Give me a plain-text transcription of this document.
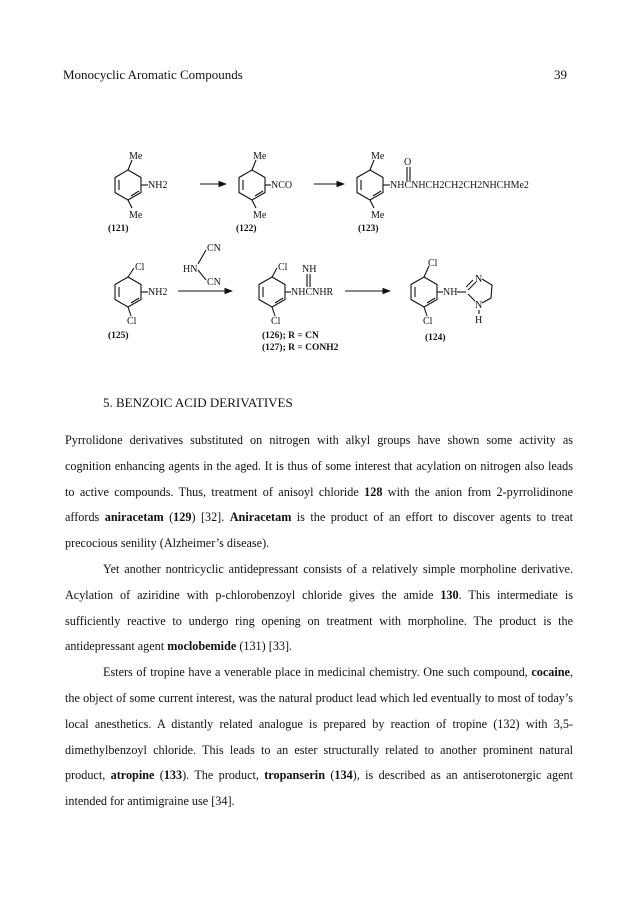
Monocyclic Aromatic Compounds	39
Me
Me
NH2
(121)
Me
Me
NCO
(122)
Me
Me
O
NHCNHCH2CH2CH2NHCHMe2
(123)
Cl
Cl
NH2
(125)
CN
HN
CN
Cl
Cl
NH
NHCNHR
(126); R = CN
(127); R = CONH2
Cl
Cl
NH
N
N
H
(124)
5. BENZOIC ACID DERIVATIVES

Pyrrolidone derivatives substituted on nitrogen with alkyl groups have shown some activity as cognition enhancing agents in the aged. It is thus of some interest that acylation on nitrogen also leads to active compounds. Thus, treatment of anisoyl chloride 128 with the anion from 2-pyrrolidinone affords aniracetam (129) [32]. Aniracetam is the product of an effort to discover agents to treat precocious senility (Alzheimer’s disease).

Yet another nontricyclic antidepressant consists of a relatively simple morpholine derivative. Acylation of aziridine with p-chlorobenzoyl chloride gives the amide 130. This intermediate is sufficiently reactive to undergo ring opening on treatment with morpholine. The product is the antidepressant agent moclobemide (131) [33].

Esters of tropine have a venerable place in medicinal chemistry. One such compound, cocaine, the object of some current interest, was the natural product lead which led eventually to most of today’s local anesthetics. A distantly related analogue is prepared by reaction of tropine (132) with 3,5-dimethylbenzoyl chloride. This leads to an ester structurally related to another prominent natural product, atropine (133). The product, tropanserin (134), is described as an antiserotonergic agent intended for antimigraine use [34].
